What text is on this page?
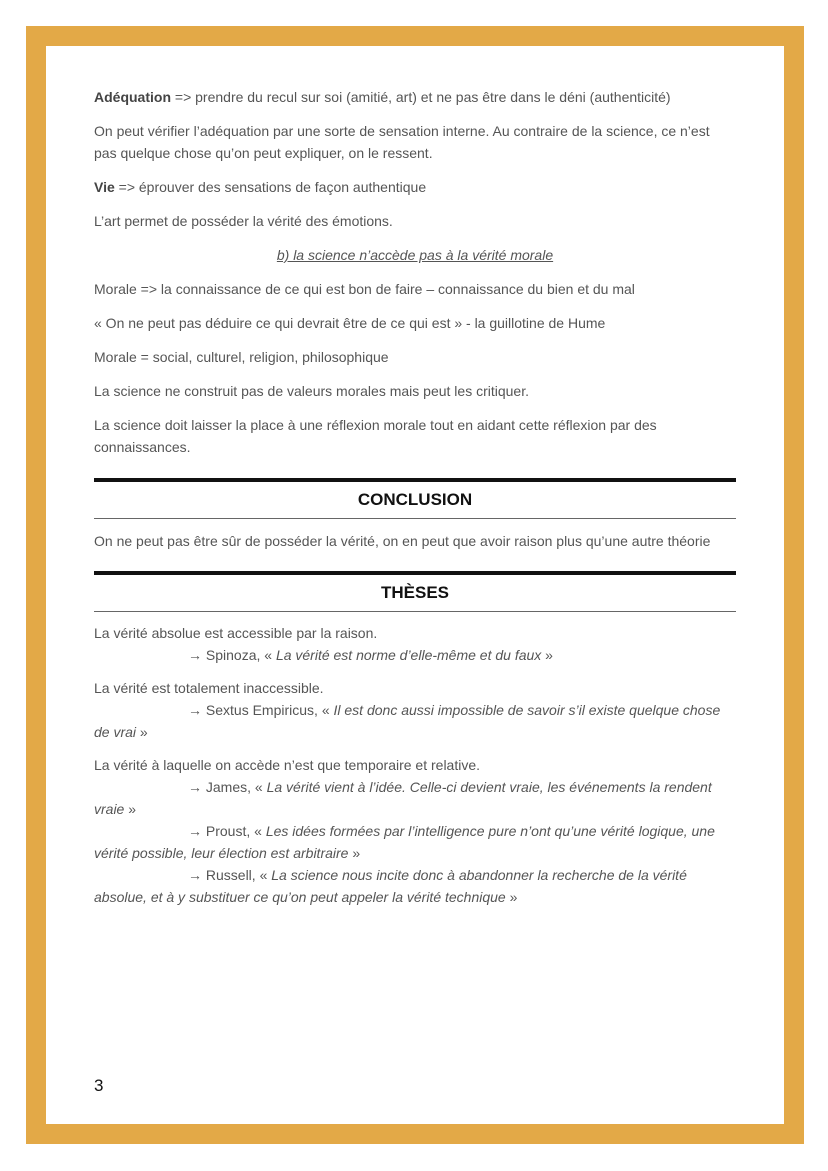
Adéquation => prendre du recul sur soi (amitié, art) et ne pas être dans le déni (authenticité)

On peut vérifier l’adéquation par une sorte de sensation interne. Au contraire de la science, ce n’est pas quelque chose qu’on peut expliquer, on le ressent.

Vie => éprouver des sensations de façon authentique

L’art permet de posséder la vérité des émotions.

b) la science n’accède pas à la vérité morale

Morale => la connaissance de ce qui est bon de faire – connaissance du bien et du mal

« On ne peut pas déduire ce qui devrait être de ce qui est » - la guillotine de Hume

Morale = social, culturel, religion, philosophique

La science ne construit pas de valeurs morales mais peut les critiquer.

La science doit laisser la place à une réflexion morale tout en aidant cette réflexion par des connaissances.

CONCLUSION

On ne peut pas être sûr de posséder la vérité, on en peut que avoir raison plus qu’une autre théorie

THÈSES
La vérité absolue est accessible par la raison.
→ Spinoza, « La vérité est norme d’elle-même et du faux »
La vérité est totalement inaccessible.
→ Sextus Empiricus, « Il est donc aussi impossible de savoir s’il existe quelque chose de vrai »
La vérité à laquelle on accède n’est que temporaire et relative.
→ James, « La vérité vient à l’idée. Celle-ci devient vraie, les événements la rendent vraie »
→ Proust, « Les idées formées par l’intelligence pure n’ont qu’une vérité logique, une vérité possible, leur élection est arbitraire »
→ Russell, « La science nous incite donc à abandonner la recherche de la vérité absolue, et à y substituer ce qu’on peut appeler la vérité technique »
3
